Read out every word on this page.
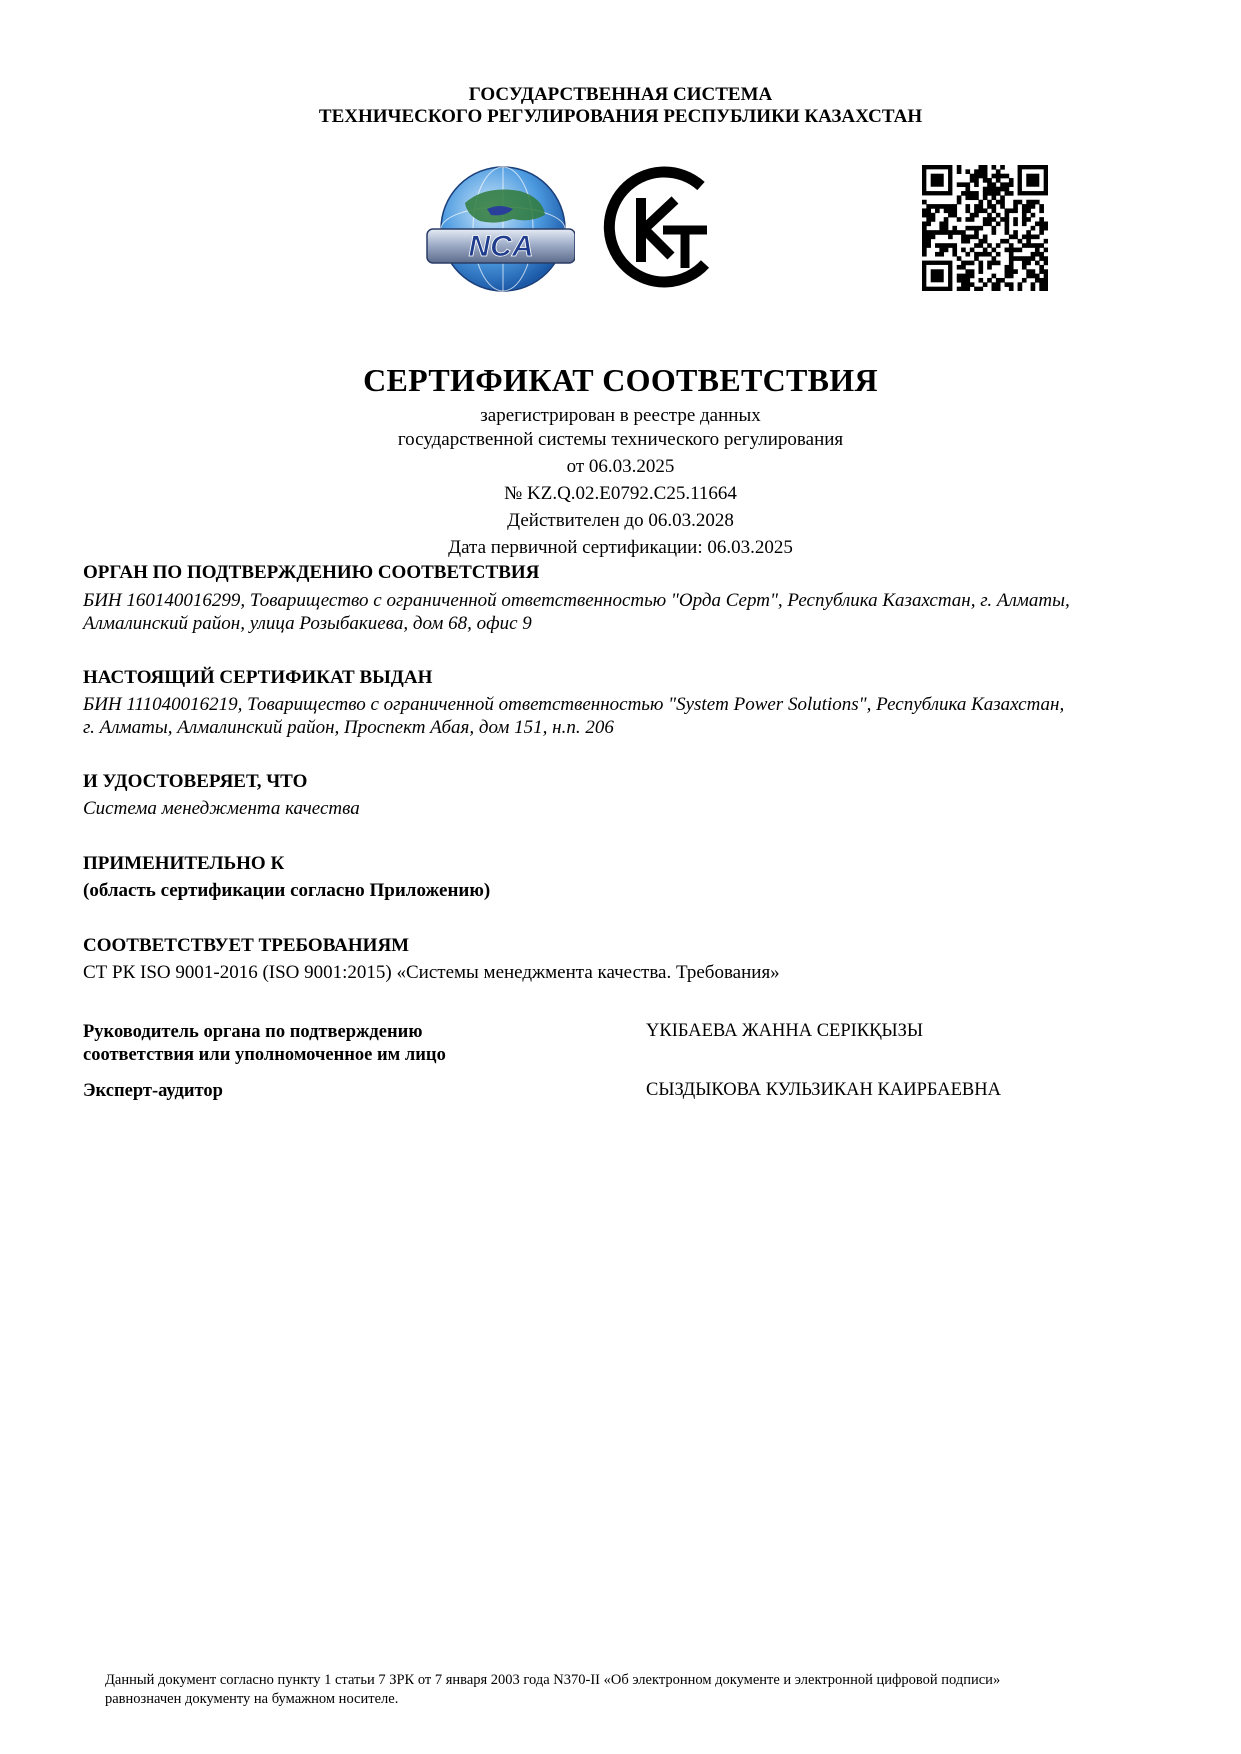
ГОСУДАРСТВЕННАЯ СИСТЕМА
ТЕХНИЧЕСКОГО РЕГУЛИРОВАНИЯ РЕСПУБЛИКИ КАЗАХСТАН
NCA
СЕРТИФИКАТ СООТВЕТСТВИЯ
зарегистрирован в реестре данных
государственной системы технического регулирования
от 06.03.2025
№ KZ.Q.02.E0792.C25.11664
Действителен до 06.03.2028
Дата первичной сертификации: 06.03.2025
ОРГАН ПО ПОДТВЕРЖДЕНИЮ СООТВЕТСТВИЯ
БИН 160140016299, Товарищество с ограниченной ответственностью "Орда Серт", Республика Казахстан, г. Алматы,
Алмалинский район, улица Розыбакиева, дом 68, офис 9
НАСТОЯЩИЙ СЕРТИФИКАТ ВЫДАН
БИН 111040016219, Товарищество с ограниченной ответственностью "System Power Solutions", Республика Казахстан,
г. Алматы, Алмалинский район, Проспект Абая, дом 151, н.п. 206
И УДОСТОВЕРЯЕТ, ЧТО
Система менеджмента качества
ПРИМЕНИТЕЛЬНО К
(область сертификации согласно Приложению)
СООТВЕТСТВУЕТ ТРЕБОВАНИЯМ
СТ РК ISO 9001-2016 (ISO 9001:2015) «Системы менеджмента качества. Требования»
Руководитель органа по подтверждению
соответствия или уполномоченное им лицо
ҮКІБАЕВА ЖАННА СЕРІКҚЫЗЫ
Эксперт-аудитор	СЫЗДЫКОВА КУЛЬЗИКАН КАИРБАЕВНА
Данный документ согласно пункту 1 статьи 7 ЗРК от 7 января 2003 года N370-II «Об электронном документе и электронной цифровой подписи»
равнозначен документу на бумажном носителе.
